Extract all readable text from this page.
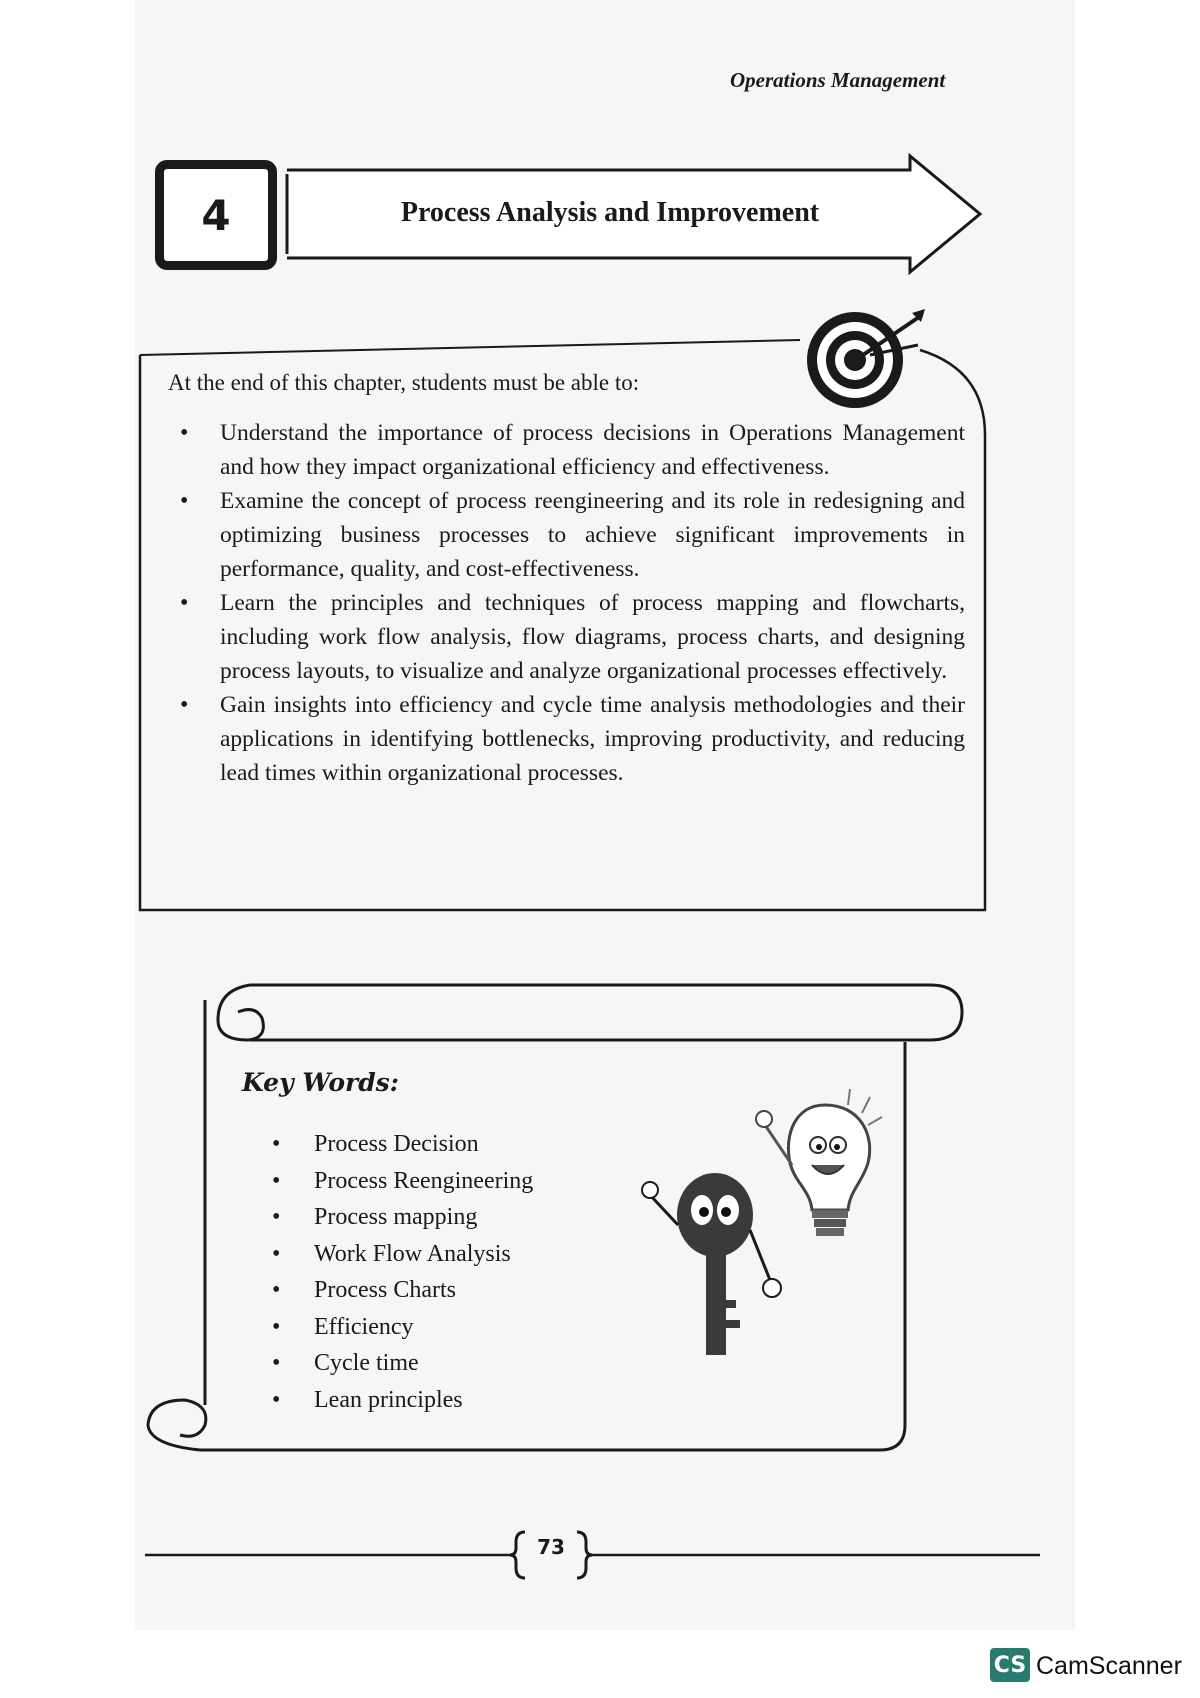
Operations Management
4	Process Analysis and Improvement
At the end of this chapter, students must be able to:
• Understand the importance of process decisions in Operations Management and how they impact organizational efficiency and effectiveness.
• Examine the concept of process reengineering and its role in redesigning and optimizing business processes to achieve significant improvements in performance, quality, and cost-effectiveness.
• Learn the principles and techniques of process mapping and flowcharts, including work flow analysis, flow diagrams, process charts, and designing process layouts, to visualize and analyze organizational processes effectively.
• Gain insights into efficiency and cycle time analysis methodologies and their applications in identifying bottlenecks, improving productivity, and reducing lead times within organizational processes.
Key Words:
• Process Decision
• Process Reengineering
• Process mapping
• Work Flow Analysis
• Process Charts
• Efficiency
• Cycle time
• Lean principles
73
CS CamScanner
